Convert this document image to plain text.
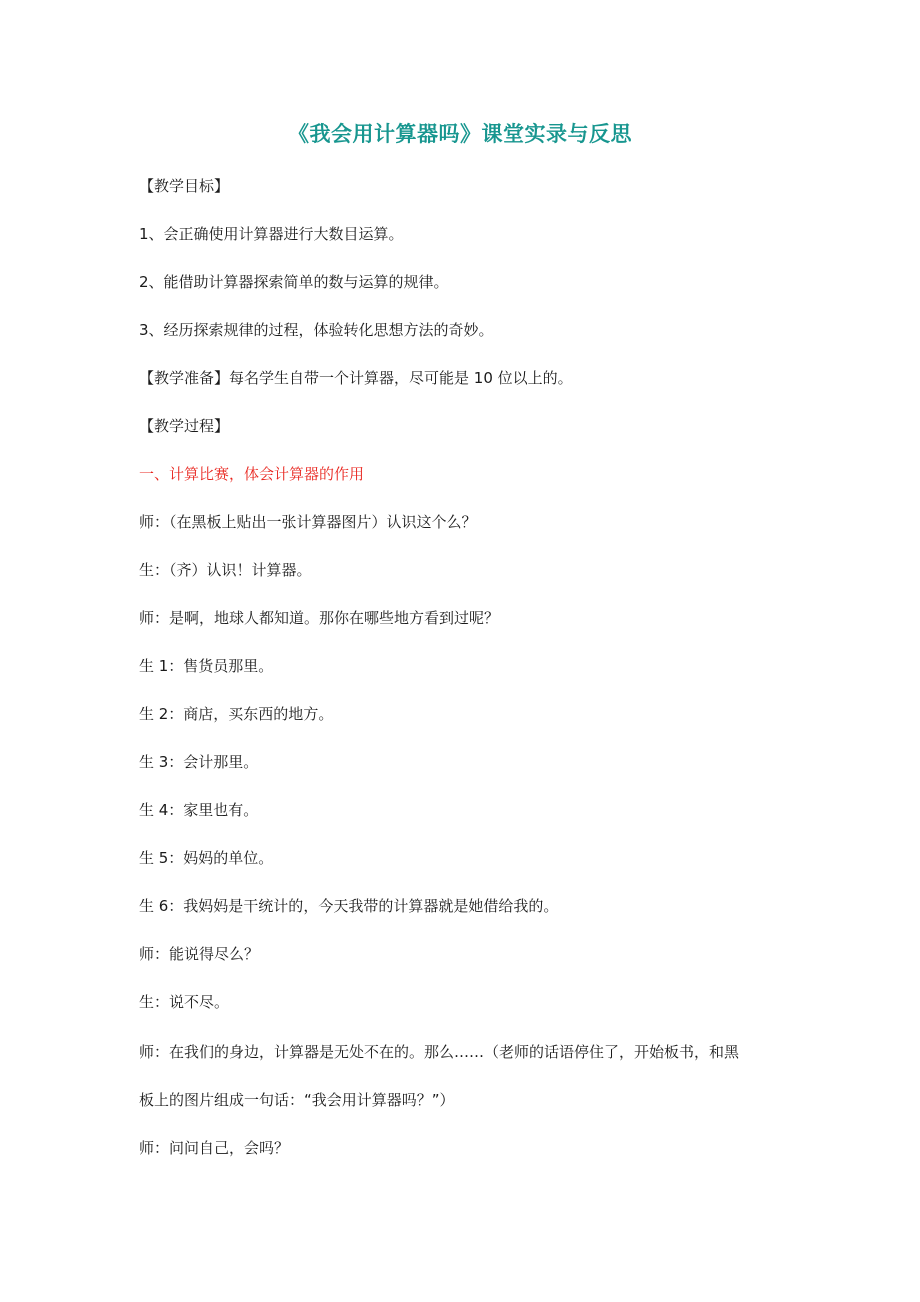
《我会用计算器吗》课堂实录与反思
【教学目标】
1、会正确使用计算器进行大数目运算。
2、能借助计算器探索简单的数与运算的规律。
3、经历探索规律的过程，体验转化思想方法的奇妙。
【教学准备】每名学生自带一个计算器，尽可能是 10 位以上的。
【教学过程】
一、计算比赛，体会计算器的作用
师：（在黑板上贴出一张计算器图片）认识这个么？
生：（齐）认识！计算器。
师：是啊，地球人都知道。那你在哪些地方看到过呢？
生 1：售货员那里。
生 2：商店，买东西的地方。
生 3：会计那里。
生 4：家里也有。
生 5：妈妈的单位。
生 6：我妈妈是干统计的，今天我带的计算器就是她借给我的。
师：能说得尽么？
生：说不尽。
师：在我们的身边，计算器是无处不在的。那么……（老师的话语停住了，开始板书，和黑
板上的图片组成一句话：“我会用计算器吗？”）
师：问问自己，会吗？
